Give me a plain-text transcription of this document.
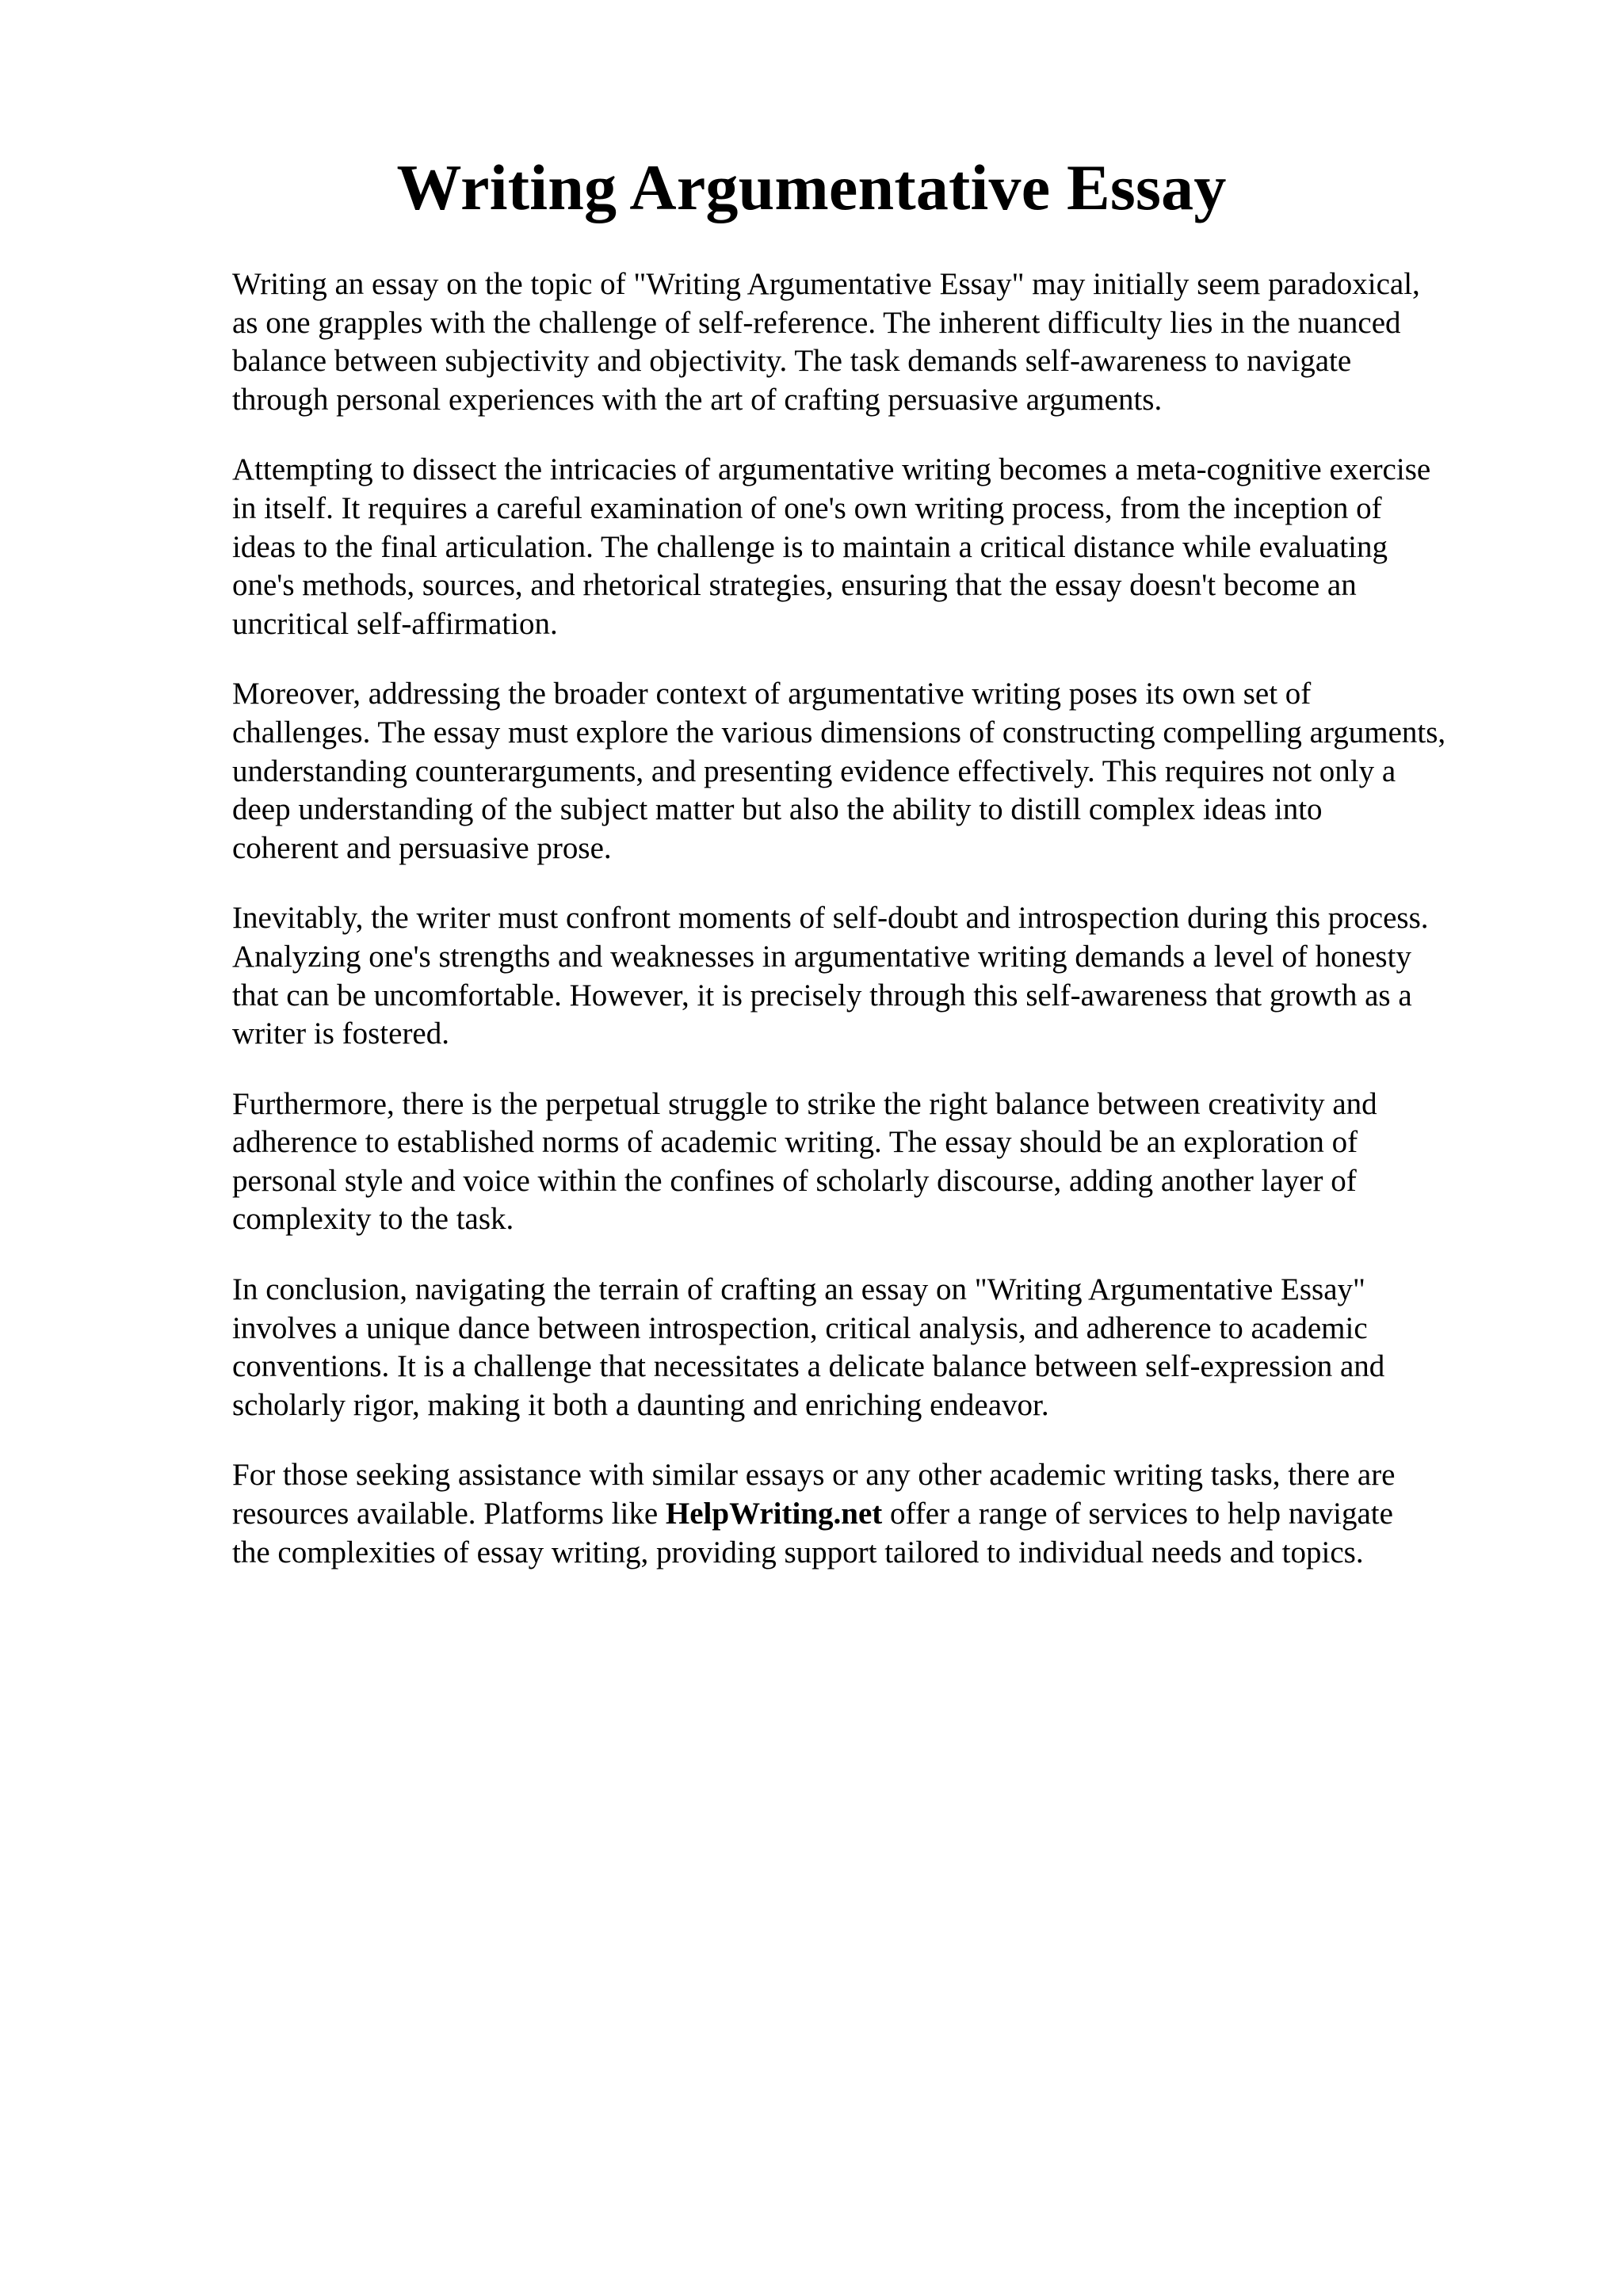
Writing Argumentative Essay

Writing an essay on the topic of "Writing Argumentative Essay" may initially seem paradoxical,
as one grapples with the challenge of self-reference. The inherent difficulty lies in the nuanced
balance between subjectivity and objectivity. The task demands self-awareness to navigate
through personal experiences with the art of crafting persuasive arguments.

Attempting to dissect the intricacies of argumentative writing becomes a meta-cognitive exercise
in itself. It requires a careful examination of one's own writing process, from the inception of
ideas to the final articulation. The challenge is to maintain a critical distance while evaluating
one's methods, sources, and rhetorical strategies, ensuring that the essay doesn't become an
uncritical self-affirmation.

Moreover, addressing the broader context of argumentative writing poses its own set of
challenges. The essay must explore the various dimensions of constructing compelling arguments,
understanding counterarguments, and presenting evidence effectively. This requires not only a
deep understanding of the subject matter but also the ability to distill complex ideas into
coherent and persuasive prose.

Inevitably, the writer must confront moments of self-doubt and introspection during this process.
Analyzing one's strengths and weaknesses in argumentative writing demands a level of honesty
that can be uncomfortable. However, it is precisely through this self-awareness that growth as a
writer is fostered.

Furthermore, there is the perpetual struggle to strike the right balance between creativity and
adherence to established norms of academic writing. The essay should be an exploration of
personal style and voice within the confines of scholarly discourse, adding another layer of
complexity to the task.

In conclusion, navigating the terrain of crafting an essay on "Writing Argumentative Essay"
involves a unique dance between introspection, critical analysis, and adherence to academic
conventions. It is a challenge that necessitates a delicate balance between self-expression and
scholarly rigor, making it both a daunting and enriching endeavor.

For those seeking assistance with similar essays or any other academic writing tasks, there are
resources available. Platforms like HelpWriting.net offer a range of services to help navigate
the complexities of essay writing, providing support tailored to individual needs and topics.
